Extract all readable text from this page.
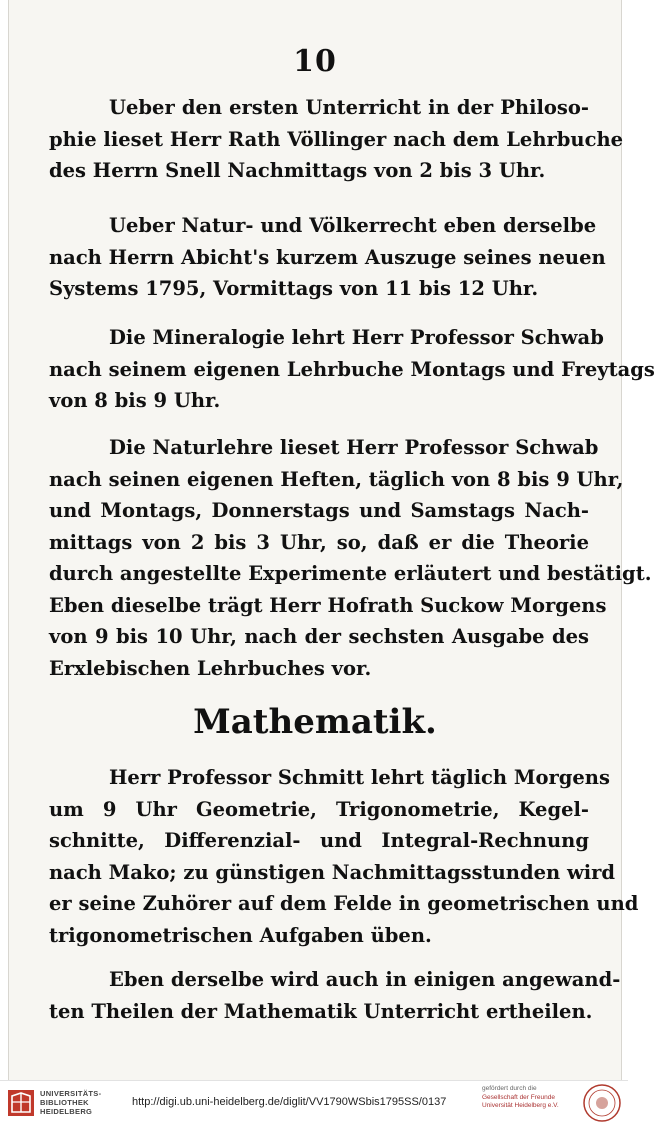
10
Ueber den ersten Unterricht in der Philoso-
phie lieset Herr Rath Völlinger nach dem Lehrbuche
des Herrn Snell Nachmittags von 2 bis 3 Uhr.
Ueber Natur- und Völkerrecht eben derselbe
nach Herrn Abicht's kurzem Auszuge seines neuen
Systems 1795, Vormittags von 11 bis 12 Uhr.
Die Mineralogie lehrt Herr Professor Schwab
nach seinem eigenen Lehrbuche Montags und Freytags
von 8 bis 9 Uhr.
Die Naturlehre lieset Herr Professor Schwab
nach seinen eigenen Heften, täglich von 8 bis 9 Uhr,
und Montags, Donnerstags und Samstags Nach-
mittags von 2 bis 3 Uhr, so, daß er die Theorie
durch angestellte Experimente erläutert und bestätigt.
Eben dieselbe trägt Herr Hofrath Suckow Morgens
von 9 bis 10 Uhr, nach der sechsten Ausgabe des
Erxlebischen Lehrbuches vor.
Mathematik.
Herr Professor Schmitt lehrt täglich Morgens
um 9 Uhr Geometrie, Trigonometrie, Kegel-
schnitte, Differenzial- und Integral-Rechnung
nach Mako; zu günstigen Nachmittagsstunden wird
er seine Zuhörer auf dem Felde in geometrischen und
trigonometrischen Aufgaben üben.
Eben derselbe wird auch in einigen angewand-
ten Theilen der Mathematik Unterricht ertheilen.
UNIVERSITÄTS-
BIBLIOTHEK
HEIDELBERG
http://digi.ub.uni-heidelberg.de/diglit/VV1790WSbis1795SS/0137
gefördert durch die
Gesellschaft der Freunde
Universität Heidelberg e.V.
